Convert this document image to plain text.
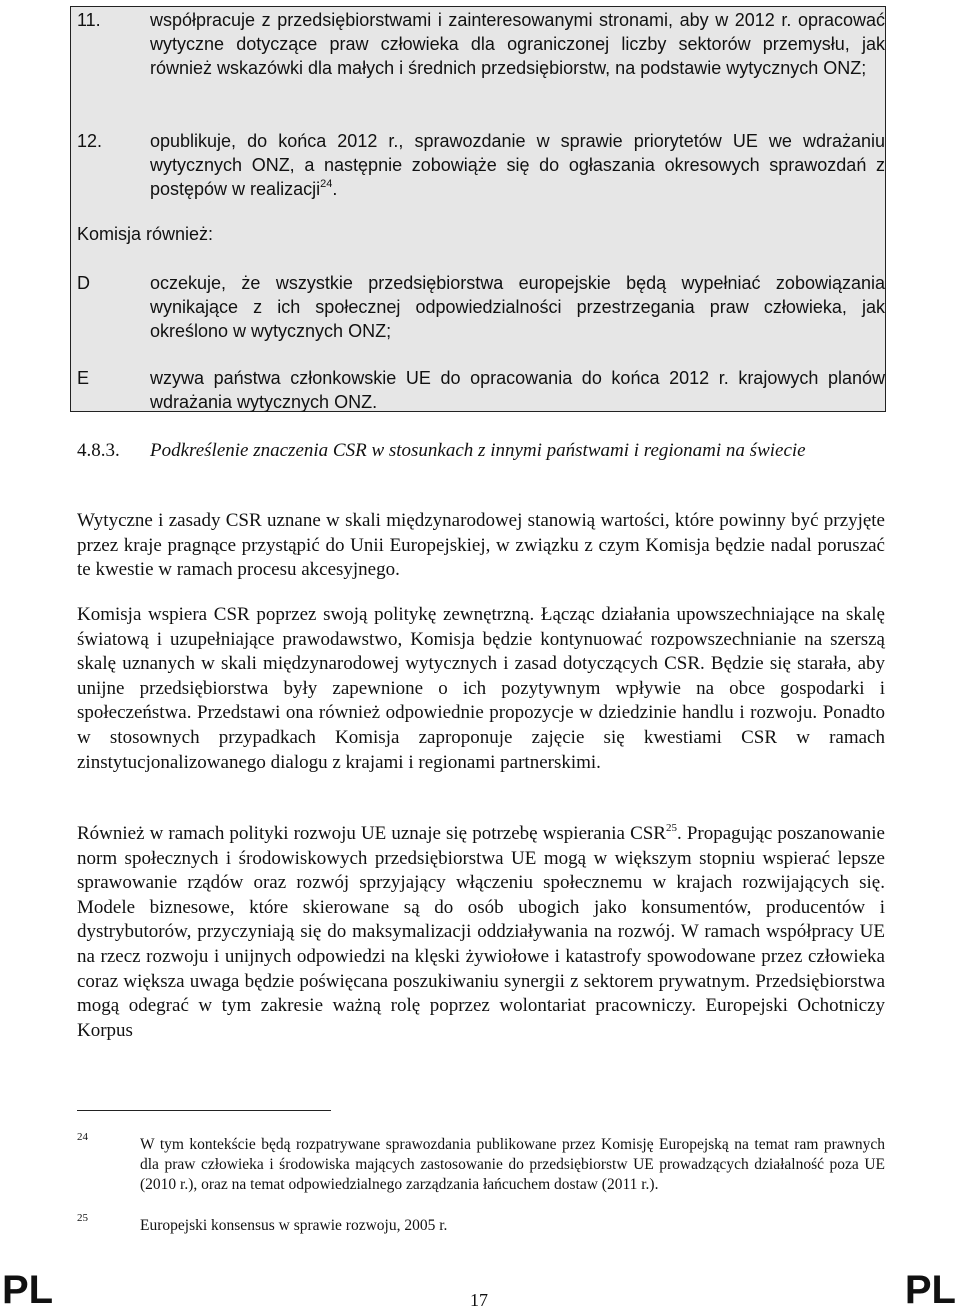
11.	współpracuje z przedsiębiorstwami i zainteresowanymi stronami, aby w 2012 r. opracować wytyczne dotyczące praw człowieka dla ograniczonej liczby sektorów przemysłu, jak również wskazówki dla małych i średnich przedsiębiorstw, na podstawie wytycznych ONZ;
12.	opublikuje, do końca 2012 r., sprawozdanie w sprawie priorytetów UE we wdrażaniu wytycznych ONZ, a następnie zobowiąże się do ogłaszania okresowych sprawozdań z postępów w realizacji$^{24}$.
Komisja również:
D	oczekuje, że wszystkie przedsiębiorstwa europejskie będą wypełniać zobowiązania wynikające z ich społecznej odpowiedzialności przestrzegania praw człowieka, jak określono w wytycznych ONZ;
E	wzywa państwa członkowskie UE do opracowania do końca 2012 r. krajowych planów wdrażania wytycznych ONZ.
4.8.3. Podkreślenie znaczenia CSR w stosunkach z innymi państwami i regionami na świecie
Wytyczne i zasady CSR uznane w skali międzynarodowej stanowią wartości, które powinny być przyjęte przez kraje pragnące przystąpić do Unii Europejskiej, w związku z czym Komisja będzie nadal poruszać te kwestie w ramach procesu akcesyjnego.
Komisja wspiera CSR poprzez swoją politykę zewnętrzną. Łącząc działania upowszechniające na skalę światową i uzupełniające prawodawstwo, Komisja będzie kontynuować rozpowszechnianie na szerszą skalę uznanych w skali międzynarodowej wytycznych i zasad dotyczących CSR. Będzie się starała, aby unijne przedsiębiorstwa były zapewnione o ich pozytywnym wpływie na obce gospodarki i społeczeństwa. Przedstawi ona również odpowiednie propozycje w dziedzinie handlu i rozwoju. Ponadto w stosownych przypadkach Komisja zaproponuje zajęcie się kwestiami CSR w ramach zinstytucjonalizowanego dialogu z krajami i regionami partnerskimi.
Również w ramach polityki rozwoju UE uznaje się potrzebę wspierania CSR$^{25}$. Propagując poszanowanie norm społecznych i środowiskowych przedsiębiorstwa UE mogą w większym stopniu wspierać lepsze sprawowanie rządów oraz rozwój sprzyjający włączeniu społecznemu w krajach rozwijających się. Modele biznesowe, które skierowane są do osób ubogich jako konsumentów, producentów i dystrybutorów, przyczyniają się do maksymalizacji oddziaływania na rozwój. W ramach współpracy UE na rzecz rozwoju i unijnych odpowiedzi na klęski żywiołowe i katastrofy spowodowane przez człowieka coraz większa uwaga będzie poświęcana poszukiwaniu synergii z sektorem prywatnym. Przedsiębiorstwa mogą odegrać w tym zakresie ważną rolę poprzez wolontariat pracowniczy. Europejski Ochotniczy Korpus
24	W tym kontekście będą rozpatrywane sprawozdania publikowane przez Komisję Europejską na temat ram prawnych dla praw człowieka i środowiska mających zastosowanie do przedsiębiorstw UE prowadzących działalność poza UE (2010 r.), oraz na temat odpowiedzialnego zarządzania łańcuchem dostaw (2011 r.).
25	Europejski konsensus w sprawie rozwoju, 2005 r.
PL	17	PL
